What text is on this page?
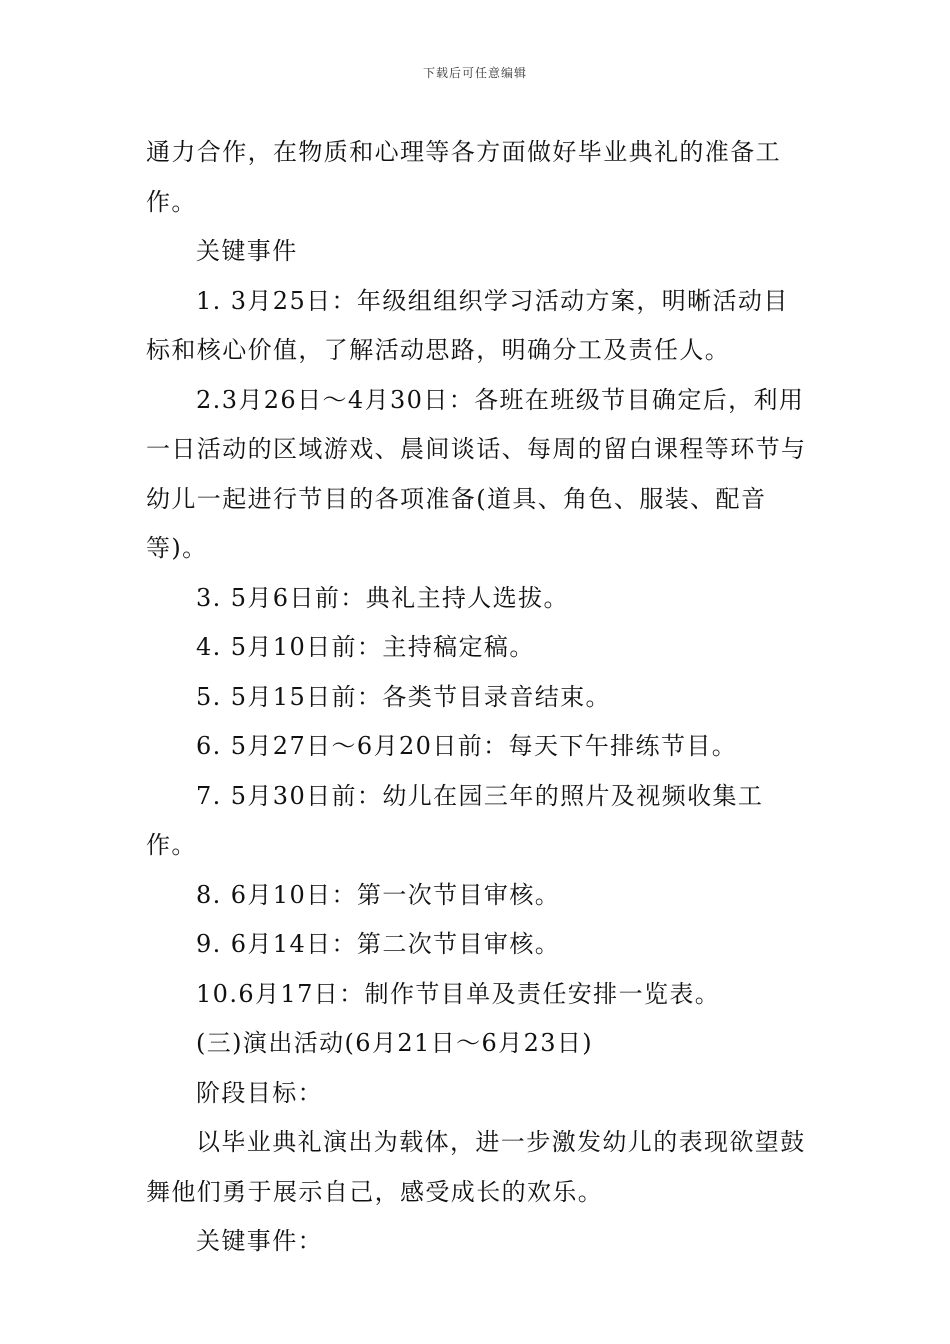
下载后可任意编辑

通力合作，在物质和心理等各方面做好毕业典礼的准备工作。

关键事件

1. 3月25日：年级组组织学习活动方案，明晰活动目标和核心价值，了解活动思路，明确分工及责任人。

2.3月26日～4月30日：各班在班级节目确定后，利用一日活动的区域游戏、晨间谈话、每周的留白课程等环节与幼儿一起进行节目的各项准备(道具、角色、服装、配音等)。

3. 5月6日前：典礼主持人选拔。

4. 5月10日前：主持稿定稿。

5. 5月15日前：各类节目录音结束。

6. 5月27日～6月20日前：每天下午排练节目。

7. 5月30日前：幼儿在园三年的照片及视频收集工作。

8. 6月10日：第一次节目审核。

9. 6月14日：第二次节目审核。

10.6月17日：制作节目单及责任安排一览表。

(三)演出活动(6月21日～6月23日)

阶段目标：

以毕业典礼演出为载体，进一步激发幼儿的表现欲望鼓舞他们勇于展示自己，感受成长的欢乐。

关键事件：
